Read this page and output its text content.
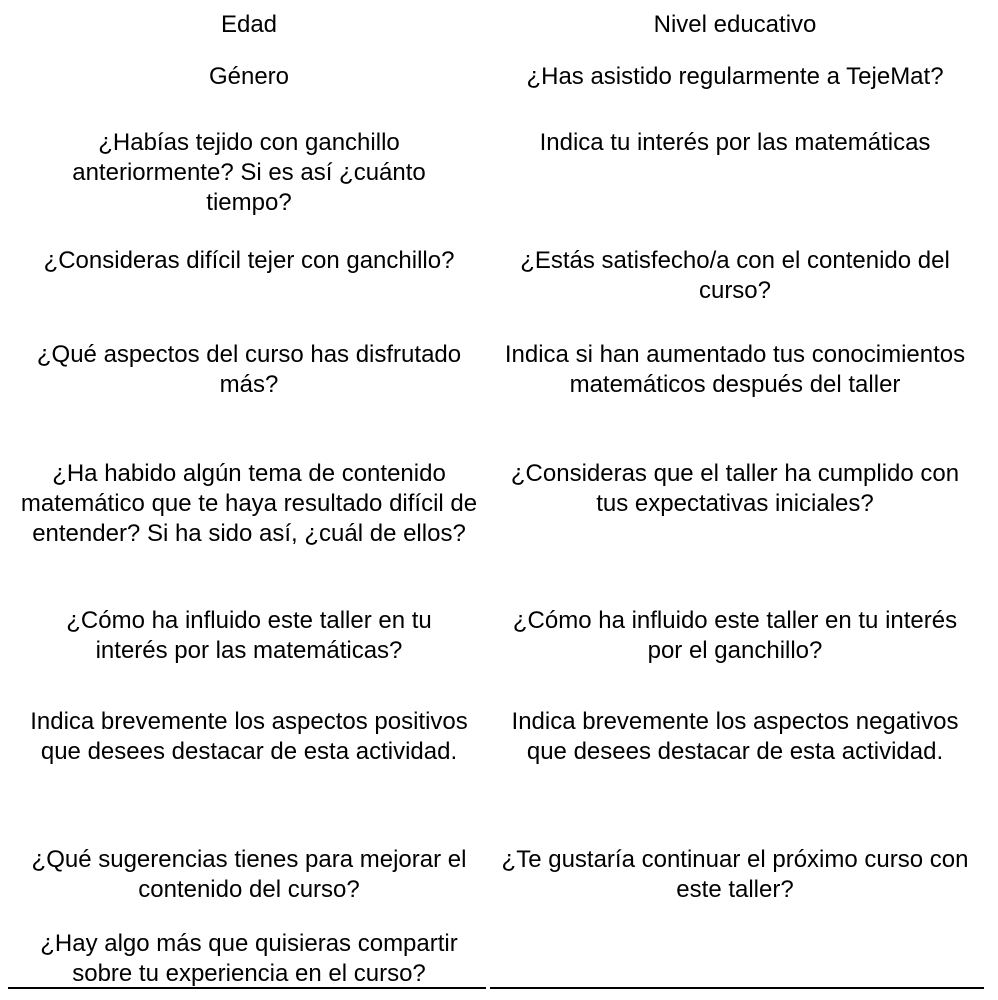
Edad
Género
¿Habías tejido con ganchillo anteriormente? Si es así ¿cuánto tiempo?
¿Consideras difícil tejer con ganchillo?
¿Qué aspectos del curso has disfrutado más?
¿Ha habido algún tema de contenido matemático que te haya resultado difícil de entender? Si ha sido así, ¿cuál de ellos?
¿Cómo ha influido este taller en tu interés por las matemáticas?
Indica brevemente los aspectos positivos que desees destacar de esta actividad.
¿Qué sugerencias tienes para mejorar el contenido del curso?
¿Hay algo más que quisieras compartir sobre tu experiencia en el curso?
Nivel educativo
¿Has asistido regularmente a TejeMat?
Indica tu interés por las matemáticas
¿Estás satisfecho/a con el contenido del curso?
Indica si han aumentado tus conocimientos matemáticos después del taller
¿Consideras que el taller ha cumplido con tus expectativas iniciales?
¿Cómo ha influido este taller en tu interés por el ganchillo?
Indica brevemente los aspectos negativos que desees destacar de esta actividad.
¿Te gustaría continuar el próximo curso con este taller?
